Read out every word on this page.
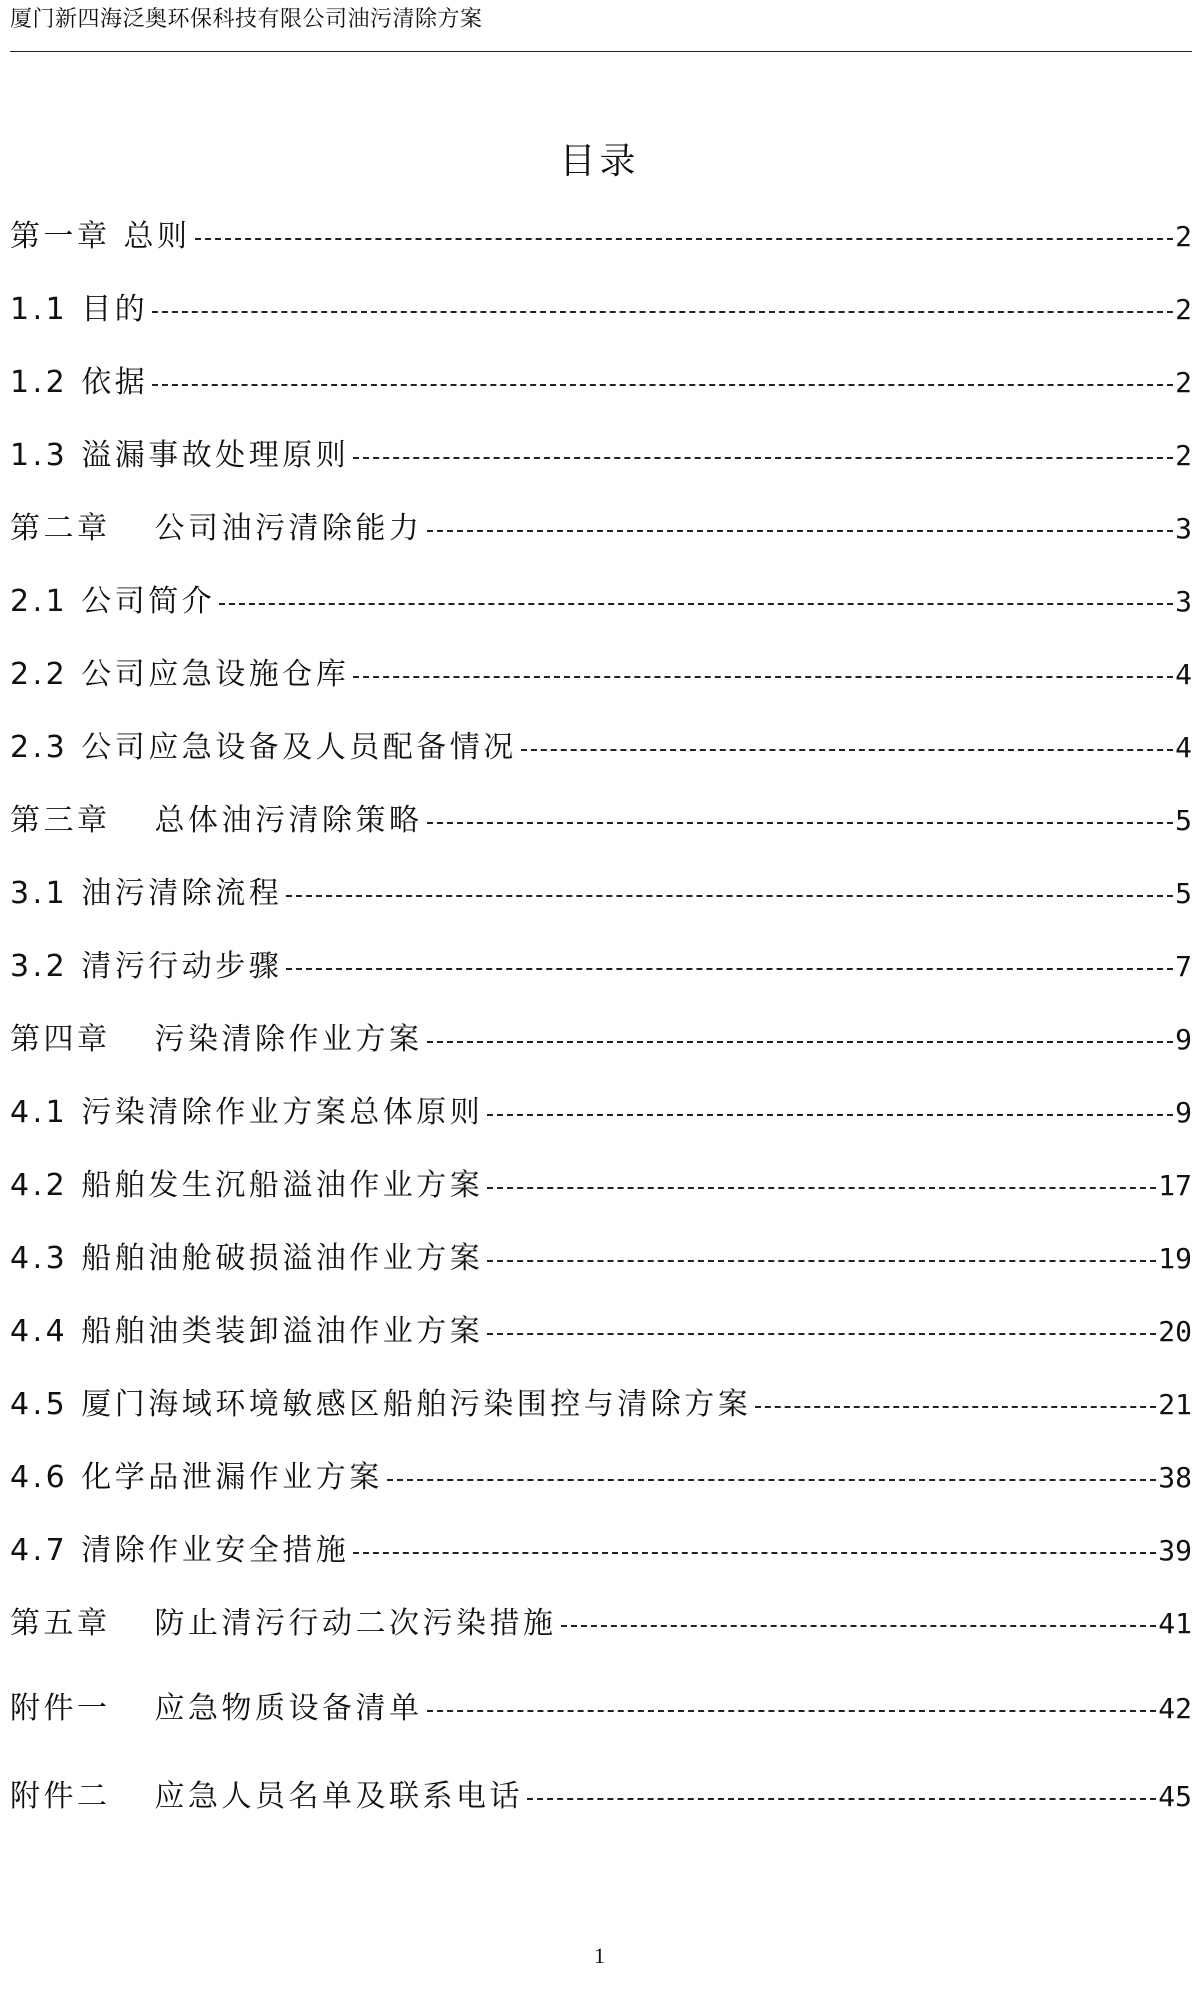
厦门新四海泛奥环保科技有限公司油污清除方案
目录
第一章 总则	2
1.1 目的	2
1.2 依据	2
1.3 溢漏事故处理原则	2
第二章 公司油污清除能力	3
2.1 公司简介	3
2.2 公司应急设施仓库	4
2.3 公司应急设备及人员配备情况	4
第三章 总体油污清除策略	5
3.1 油污清除流程	5
3.2 清污行动步骤	7
第四章 污染清除作业方案	9
4.1 污染清除作业方案总体原则	9
4.2 船舶发生沉船溢油作业方案	17
4.3 船舶油舱破损溢油作业方案	19
4.4 船舶油类装卸溢油作业方案	20
4.5 厦门海域环境敏感区船舶污染围控与清除方案	21
4.6 化学品泄漏作业方案	38
4.7 清除作业安全措施	39
第五章 防止清污行动二次污染措施	41
附件一 应急物质设备清单	42
附件二 应急人员名单及联系电话	45
1
